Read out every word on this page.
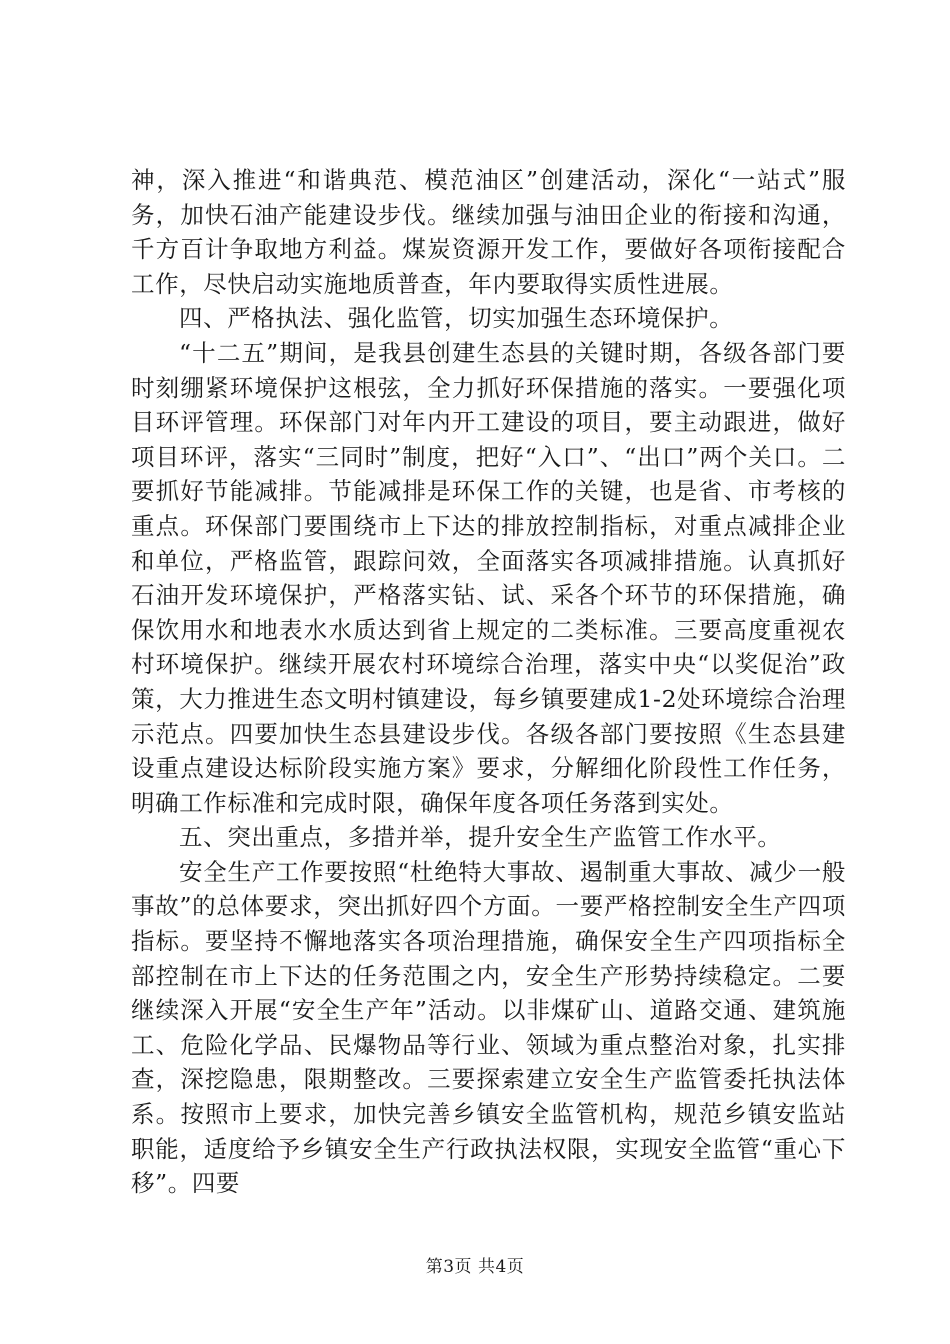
神，深入推进“和谐典范、模范油区”创建活动，深化“一站式”服务，加快石油产能建设步伐。继续加强与油田企业的衔接和沟通，千方百计争取地方利益。煤炭资源开发工作，要做好各项衔接配合工作，尽快启动实施地质普查，年内要取得实质性进展。

四、严格执法、强化监管，切实加强生态环境保护。

“十二五”期间，是我县创建生态县的关键时期，各级各部门要时刻绷紧环境保护这根弦，全力抓好环保措施的落实。一要强化项目环评管理。环保部门对年内开工建设的项目，要主动跟进，做好项目环评，落实“三同时”制度，把好“入口”、“出口”两个关口。二要抓好节能减排。节能减排是环保工作的关键，也是省、市考核的重点。环保部门要围绕市上下达的排放控制指标，对重点减排企业和单位，严格监管，跟踪问效，全面落实各项减排措施。认真抓好石油开发环境保护，严格落实钻、试、采各个环节的环保措施，确保饮用水和地表水水质达到省上规定的二类标准。三要高度重视农村环境保护。继续开展农村环境综合治理，落实中央“以奖促治”政策，大力推进生态文明村镇建设，每乡镇要建成1-2处环境综合治理示范点。四要加快生态县建设步伐。各级各部门要按照《生态县建设重点建设达标阶段实施方案》要求，分解细化阶段性工作任务，明确工作标准和完成时限，确保年度各项任务落到实处。

五、突出重点，多措并举，提升安全生产监管工作水平。

安全生产工作要按照“杜绝特大事故、遏制重大事故、减少一般事故”的总体要求，突出抓好四个方面。一要严格控制安全生产四项指标。要坚持不懈地落实各项治理措施，确保安全生产四项指标全部控制在市上下达的任务范围之内，安全生产形势持续稳定。二要继续深入开展“安全生产年”活动。以非煤矿山、道路交通、建筑施工、危险化学品、民爆物品等行业、领域为重点整治对象，扎实排查，深挖隐患，限期整改。三要探索建立安全生产监管委托执法体系。按照市上要求，加快完善乡镇安全监管机构，规范乡镇安监站职能，适度给予乡镇安全生产行政执法权限，实现安全监管“重心下移”。四要

第3页 共4页
